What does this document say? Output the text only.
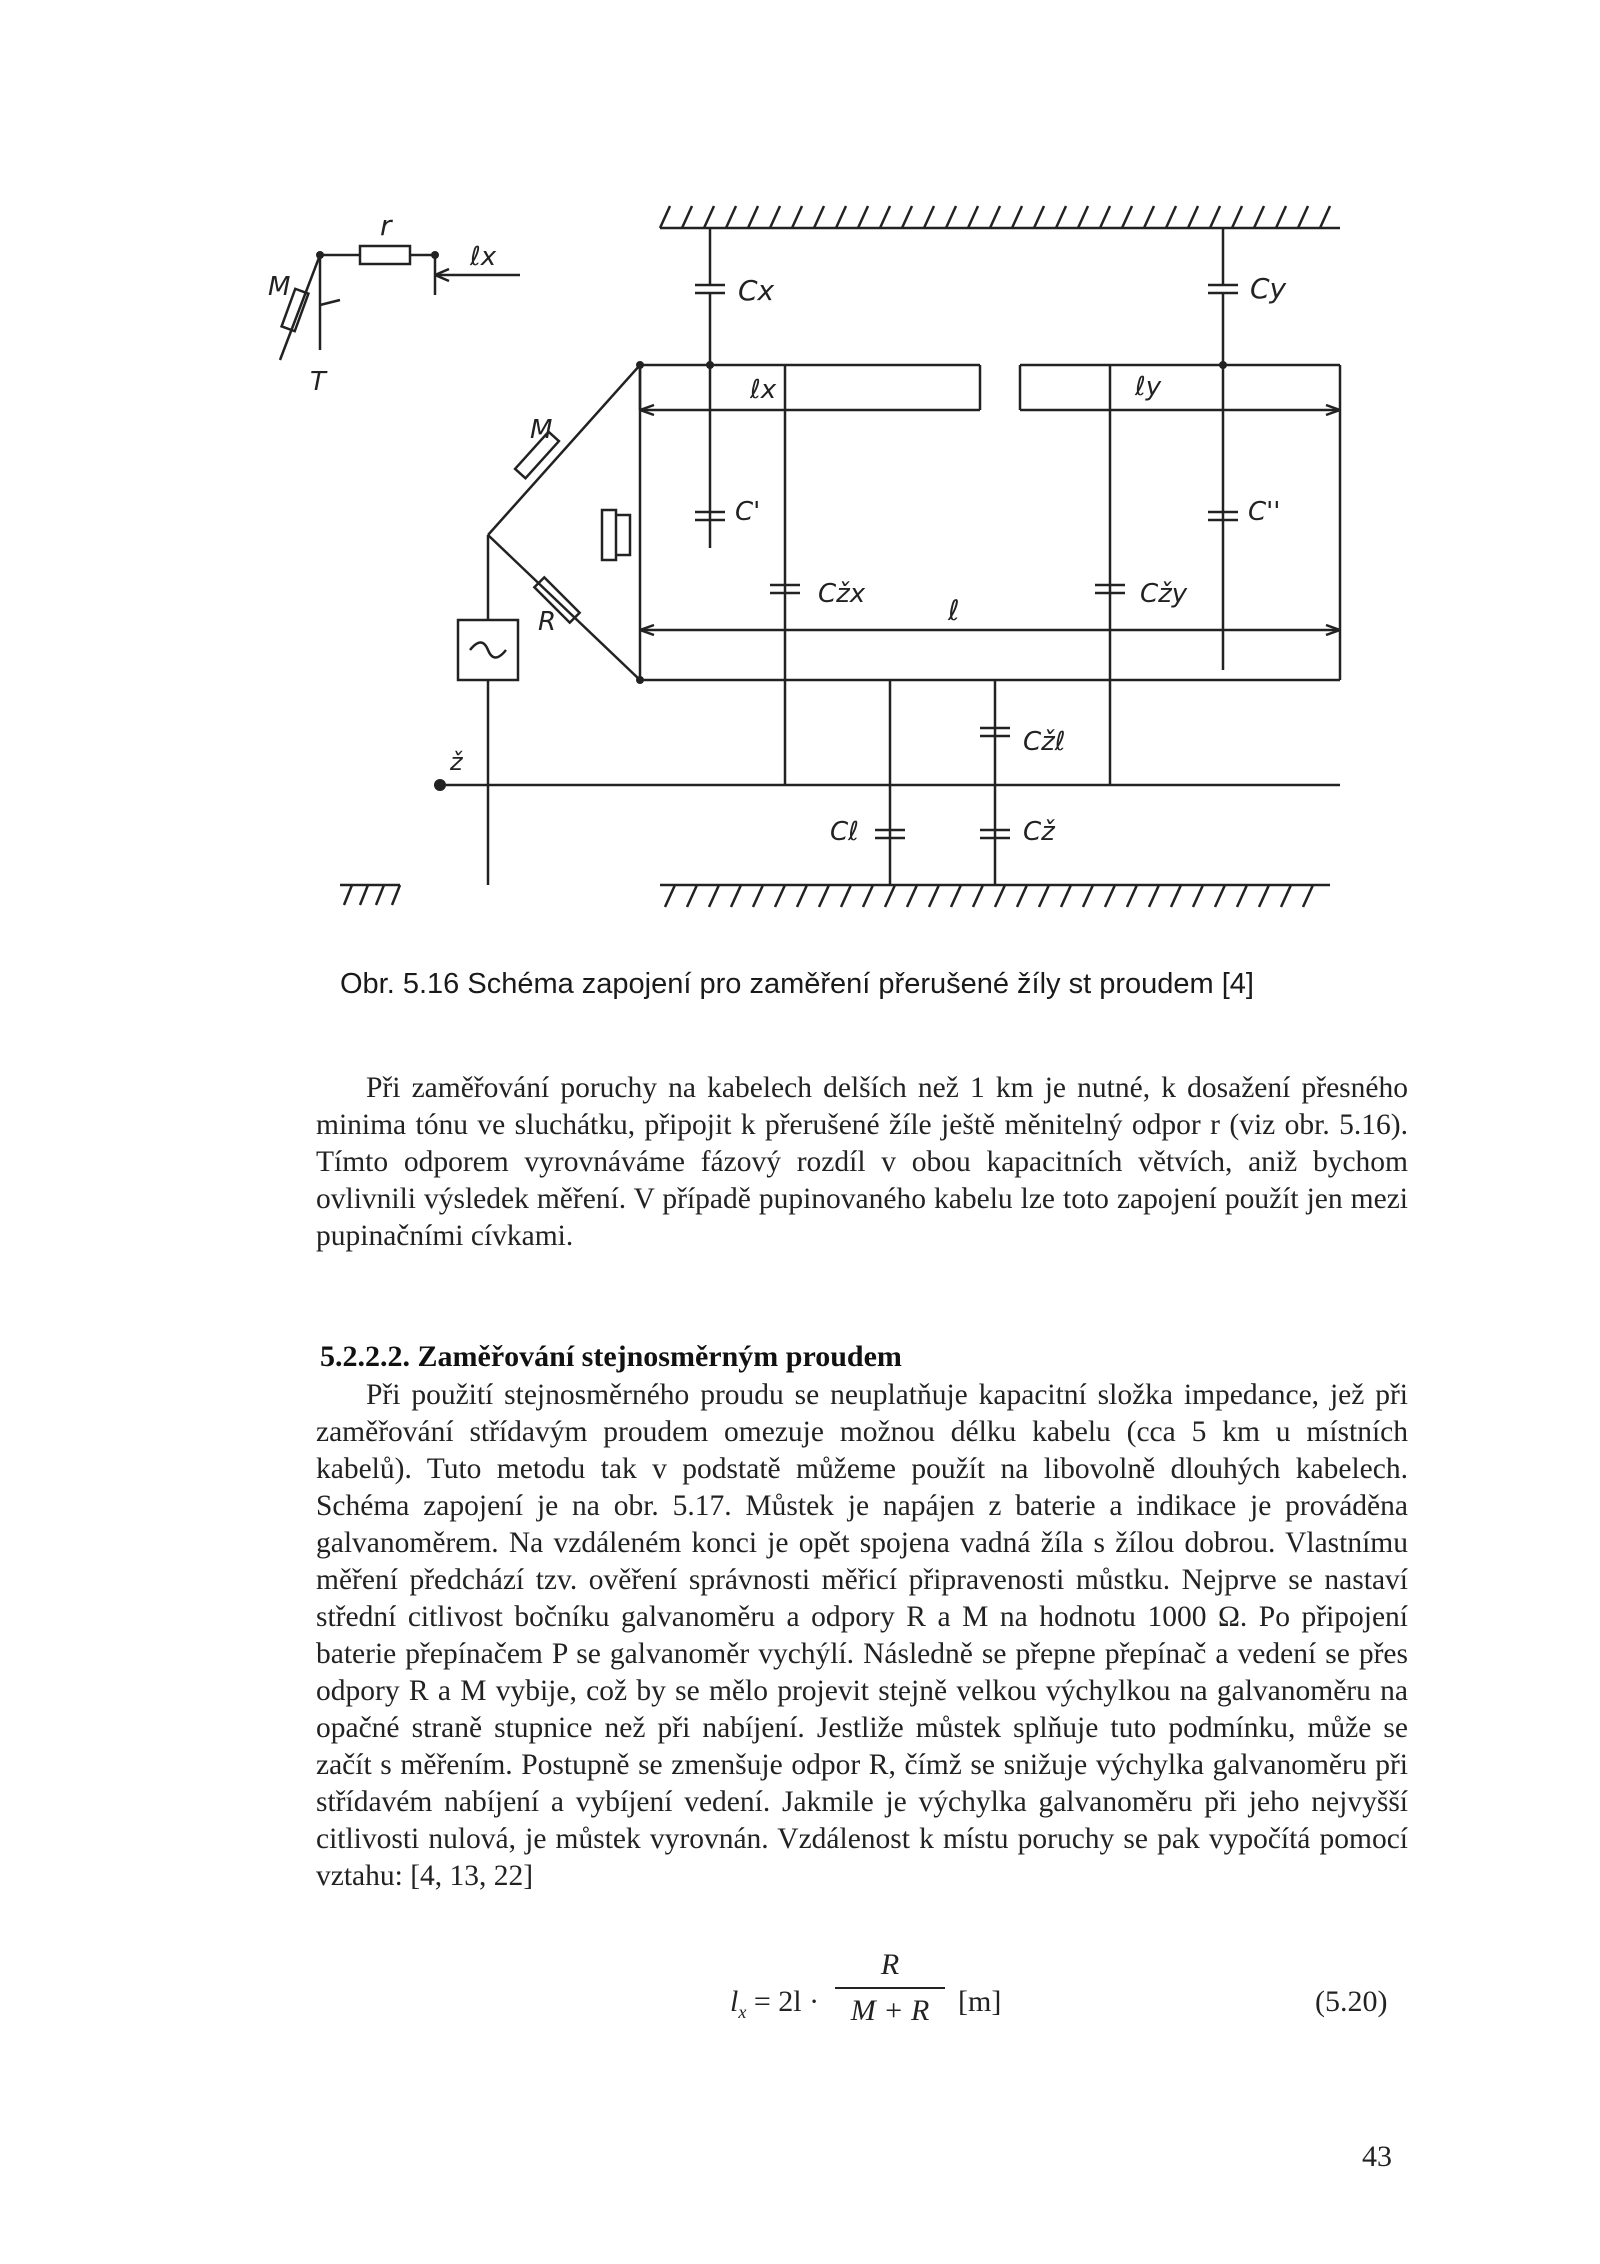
r
ℓx
M
T
Cx	Cy
ℓx	ℓy
M
C'	C''
Cžx	Cžy
ℓ
R
ž
Cžℓ
Cℓ	Cž
Obr. 5.16 Schéma zapojení pro zaměření přerušené žíly st proudem [4]
Při zaměřování poruchy na kabelech delších než 1 km je nutné, k dosažení přesného minima tónu ve sluchátku, připojit k přerušené žíle ještě měnitelný odpor r (viz obr. 5.16). Tímto odporem vyrovnáváme fázový rozdíl v obou kapacitních větvích, aniž bychom ovlivnili výsledek měření. V případě pupinovaného kabelu lze toto zapojení použít jen mezi pupinačními cívkami.
5.2.2.2. Zaměřování stejnosměrným proudem
Při použití stejnosměrného proudu se neuplatňuje kapacitní složka impedance, jež při zaměřování střídavým proudem omezuje možnou délku kabelu (cca 5 km u místních kabelů). Tuto metodu tak v podstatě můžeme použít na libovolně dlouhých kabelech. Schéma zapojení je na obr. 5.17. Můstek je napájen z baterie a indikace je prováděna galvanoměrem. Na vzdáleném konci je opět spojena vadná žíla s žílou dobrou. Vlastnímu měření předchází tzv. ověření správnosti měřicí připravenosti můstku. Nejprve se nastaví střední citlivost bočníku galvanoměru a odpory R a M na hodnotu 1000 Ω. Po připojení baterie přepínačem P se galvanoměr vychýlí. Následně se přepne přepínač a vedení se přes odpory R a M vybije, což by se mělo projevit stejně velkou výchylkou na galvanoměru na opačné straně stupnice než při nabíjení. Jestliže můstek splňuje tuto podmínku, může se začít s měřením. Postupně se zmenšuje odpor R, čímž se snižuje výchylka galvanoměru při střídavém nabíjení a vybíjení vedení. Jakmile je výchylka galvanoměru při jeho nejvyšší citlivosti nulová, je můstek vyrovnán. Vzdálenost k místu poruchy se pak vypočítá pomocí vztahu: [4, 13, 22]
$l_x = 2l$ ·
R
M + R [m]	(5.20)
43
